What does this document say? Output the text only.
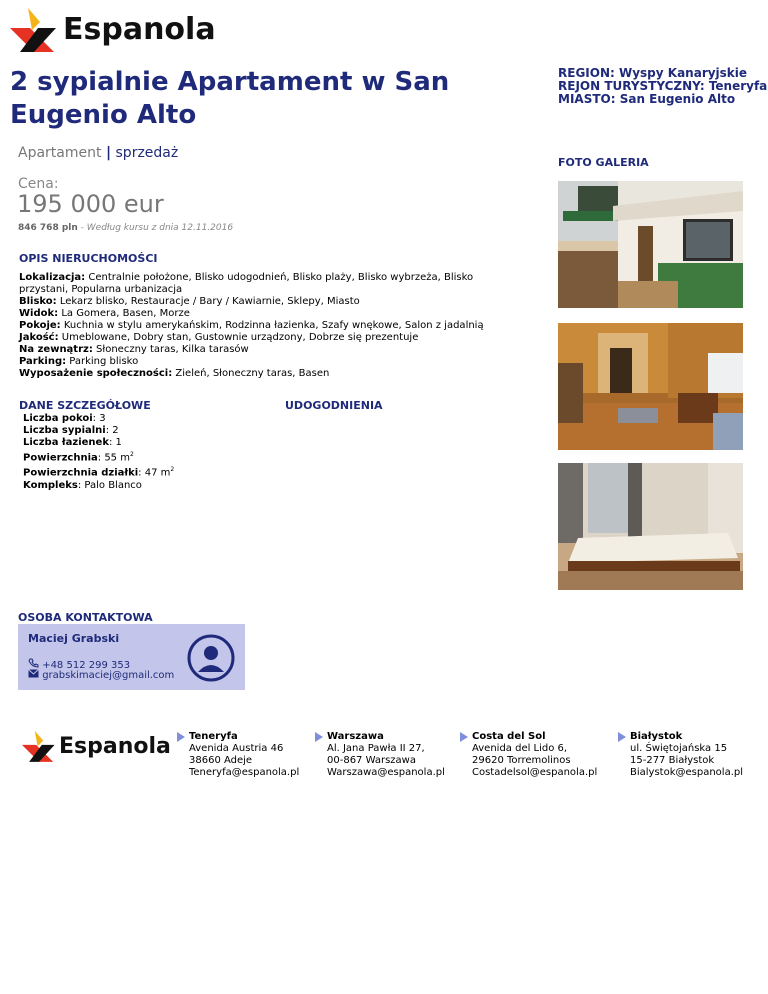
Espanola
2 sypialnie Apartament w San Eugenio Alto
REGION: Wyspy Kanaryjskie
REJON TURYSTYCZNY: Teneryfa
MIASTO: San Eugenio Alto
Apartament | sprzedaż
Cena:
195 000 eur
846 768 pln - Według kursu z dnia 12.11.2016
OPIS NIERUCHOMOŚCI
Lokalizacja: Centralnie położone, Blisko udogodnień, Blisko plaży, Blisko wybrzeża, Blisko przystani, Popularna urbanizacja
Blisko: Lekarz blisko, Restauracje / Bary / Kawiarnie, Sklepy, Miasto
Widok: La Gomera, Basen, Morze
Pokoje: Kuchnia w stylu amerykańskim, Rodzinna łazienka, Szafy wnękowe, Salon z jadalnią
Jakość: Umeblowane, Dobry stan, Gustownie urządzony, Dobrze się prezentuje
Na zewnątrz: Słoneczny taras, Kilka tarasów
Parking: Parking blisko
Wyposażenie społeczności: Zieleń, Słoneczny taras, Basen
DANE SZCZEGÓŁOWE	UDOGODNIENIA
Liczba pokoi: 3
Liczba sypialni: 2
Liczba łazienek: 1
Powierzchnia: 55 $m^2$
Powierzchnia działki: 47 $m^2$
Kompleks: Palo Blanco
FOTO GALERIA
OSOBA KONTAKTOWA
Maciej Grabski
+48 512 299 353
grabskimaciej@gmail.com
Espanola Teneryfa
Avenida Austria 46
38660 Adeje
Teneryfa@espanola.pl
Warszawa
Al. Jana Pawła II 27,
00-867 Warszawa
Warszawa@espanola.pl
Costa del Sol
Avenida del Lido 6,
29620 Torremolinos
Costadelsol@espanola.pl
Białystok
ul. Świętojańska 15
15-277 Białystok
Bialystok@espanola.pl
